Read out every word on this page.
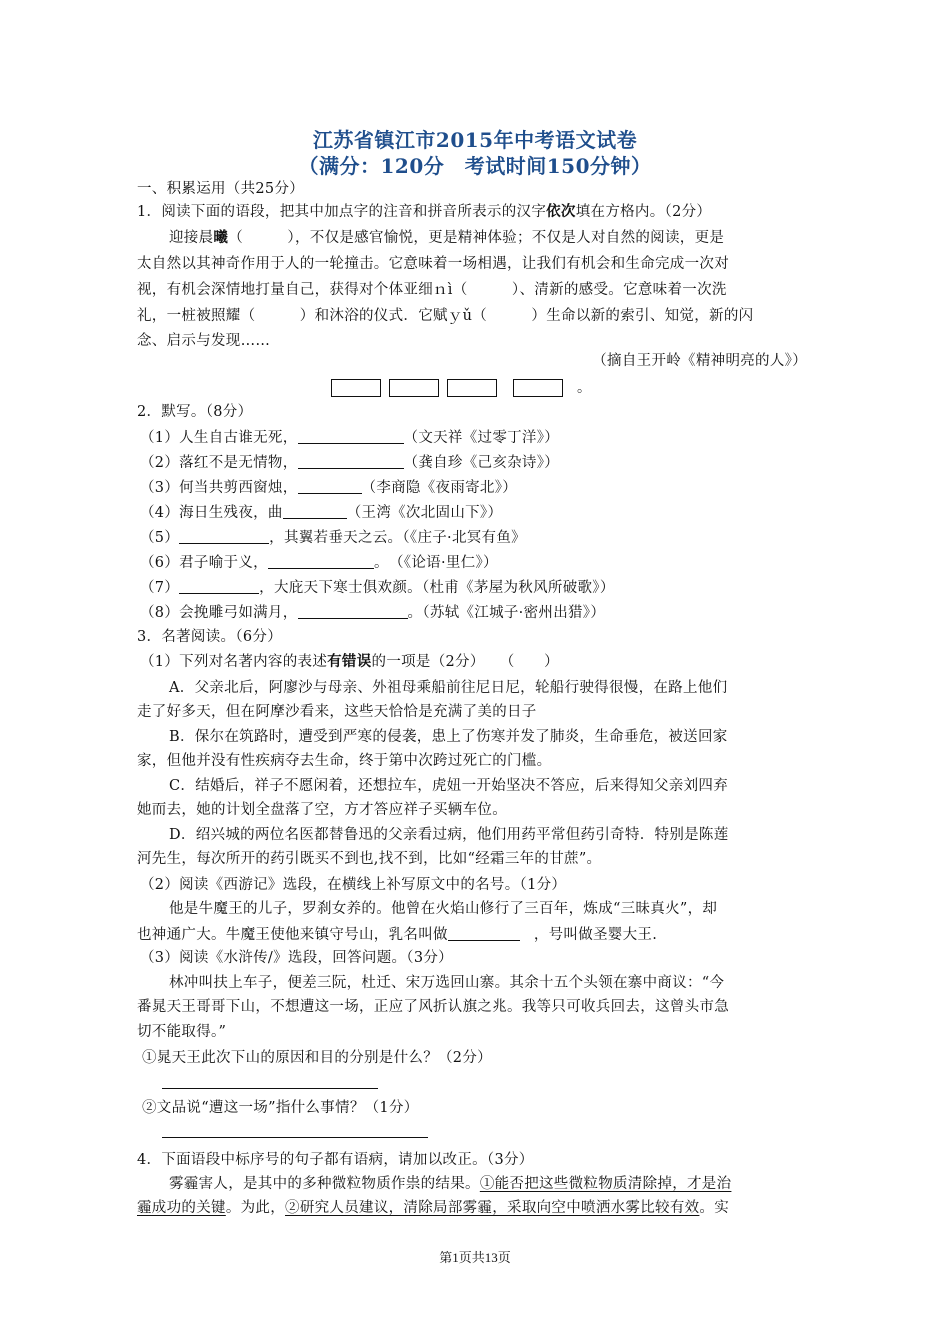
江苏省镇江市2015年中考语文试卷
（满分：120分　考试时间150分钟）
一、积累运用（共25分）
1．阅读下面的语段，把其中加点字的注音和拼音所表示的汉字依次填在方格内。（2分）
迎接晨曦（　　　），不仅是感官愉悦，更是精神体验；不仅是人对自然的阅读，更是
太自然以其神奇作用于人的一轮撞击。它意味着一场相遇，让我们有机会和生命完成一次对
视，有机会深情地打量自己，获得对个体亚细ｎì（　　　）、清新的感受。它意味着一次洗
礼，一桩被照耀（　　　）和沐浴的仪式．它赋ｙǔ（　　　）生命以新的索引、知觉，新的闪
念、启示与发现……
（摘自王开岭《精神明亮的人》）
。
2．默写。（8分）
（1）人生自古谁无死，	（文天祥《过零丁洋》）
（2）落红不是无情物，	（龚自珍《己亥杂诗》）
（3）何当共剪西窗烛，	（李商隐《夜雨寄北》）
（4）海日生残夜，曲	（王湾《次北固山下》）
（5）	，其翼若垂天之云。（《庄子·北冥有鱼》
（6）君子喻于义，	。　（《论语·里仁》）
（7）	，大庇天下寒士俱欢颜。（杜甫《茅屋为秋风所破歌》）
（8）会挽雕弓如满月，	。（苏轼《江城子·密州出猎》）
3．名著阅读。（6分）
（1）下列对名著内容的表述有错误的一项是（2分）　　（　　）
A．父亲北后，阿廖沙与母亲、外祖母乘船前往尼日尼，轮船行驶得很慢，在路上他们
走了好多天，但在阿摩沙看来，这些天恰恰是充满了美的日子
B．保尔在筑路时，遭受到严寒的侵袭，患上了伤寒并发了肺炎，生命垂危，被送回家
家，但他并没有性疾病夺去生命，终于第中次跨过死亡的门槛。
C．结婚后，祥子不愿闲着，还想拉车，虎妞一开始坚决不答应，后来得知父亲刘四弃
她而去，她的计划全盘落了空，方才答应祥子买辆车位。
D．绍兴城的两位名医都替鲁迅的父亲看过病，他们用药平常但药引奇特．特别是陈莲
河先生，每次所开的药引既买不到也,找不到，比如“经霜三年的甘蔗”。
（2）阅读《西游记》选段，在横线上补写原文中的名号。（1分）
他是牛魔王的儿子，罗刹女养的。他曾在火焰山修行了三百年，炼成“三昧真火”，却
也神通广大。牛魔王使他来镇守号山，乳名叫做	，号叫做圣婴大王.
（3）阅读《水浒传/》选段，回答问题。（3分）
林冲叫扶上车子，便差三阮，杜迁、宋万选回山寨。其余十五个头领在寨中商议：“今
番晁天王哥哥下山，不想遭这一场，正应了风折认旗之兆。我等只可收兵回去，这曾头市急
切不能取得。”
①晁天王此次下山的原因和目的分别是什么？（2分）
②文品说“遭这一场”指什么事情？（1分）
4．下面语段中标序号的句子都有语病，请加以改正。（3分）
雾霾害人，是其中的多种微粒物质作祟的结果。①能否把这些微粒物质清除掉，才是治
霾成功的关键。为此，②研究人员建议，清除局部雾霾，采取向空中喷洒水雾比较有效。实
第1页共13页
